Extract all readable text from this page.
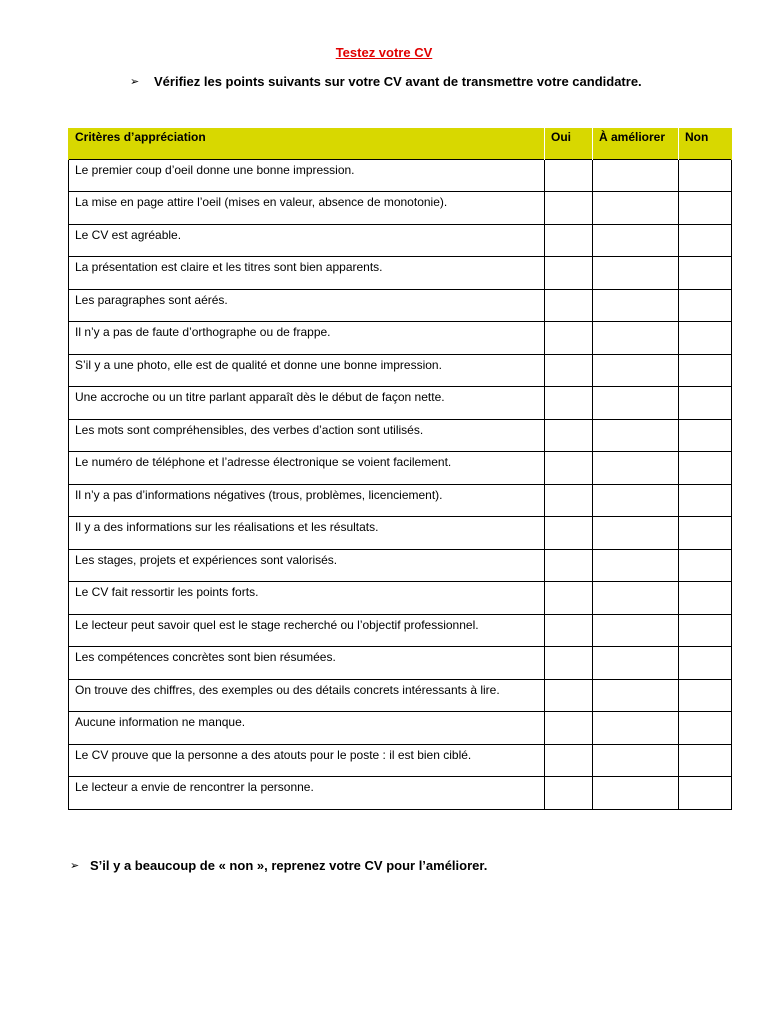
Testez votre CV
➢	Vérifiez les points suivants sur votre CV avant de transmettre votre candidatre.
Critères d’appréciation	Oui	À améliorer	Non
Le premier coup d’oeil donne une bonne impression.			
La mise en page attire l’oeil (mises en valeur, absence de monotonie).			
Le CV est agréable.			
La présentation est claire et les titres sont bien apparents.			
Les paragraphes sont aérés.			
Il n’y a pas de faute d’orthographe ou de frappe.			
S’il y a une photo, elle est de qualité et donne une bonne impression.			
Une accroche ou un titre parlant apparaît dès le début de façon nette.			
Les mots sont compréhensibles, des verbes d’action sont utilisés.			
Le numéro de téléphone et l’adresse électronique se voient facilement.			
Il n’y a pas d’informations négatives (trous, problèmes, licenciement).			
Il y a des informations sur les réalisations et les résultats.			
Les stages, projets et expériences sont valorisés.			
Le CV fait ressortir les points forts.			
Le lecteur peut savoir quel est le stage recherché ou l’objectif professionnel.			
Les compétences concrètes sont bien résumées.			
On trouve des chiffres, des exemples ou des détails concrets intéressants à lire.			
Aucune information ne manque.			
Le CV prouve que la personne a des atouts pour le poste : il est bien ciblé.			
Le lecteur a envie de rencontrer la personne.			
➢ S’il y a beaucoup de « non », reprenez votre CV pour l’améliorer.
